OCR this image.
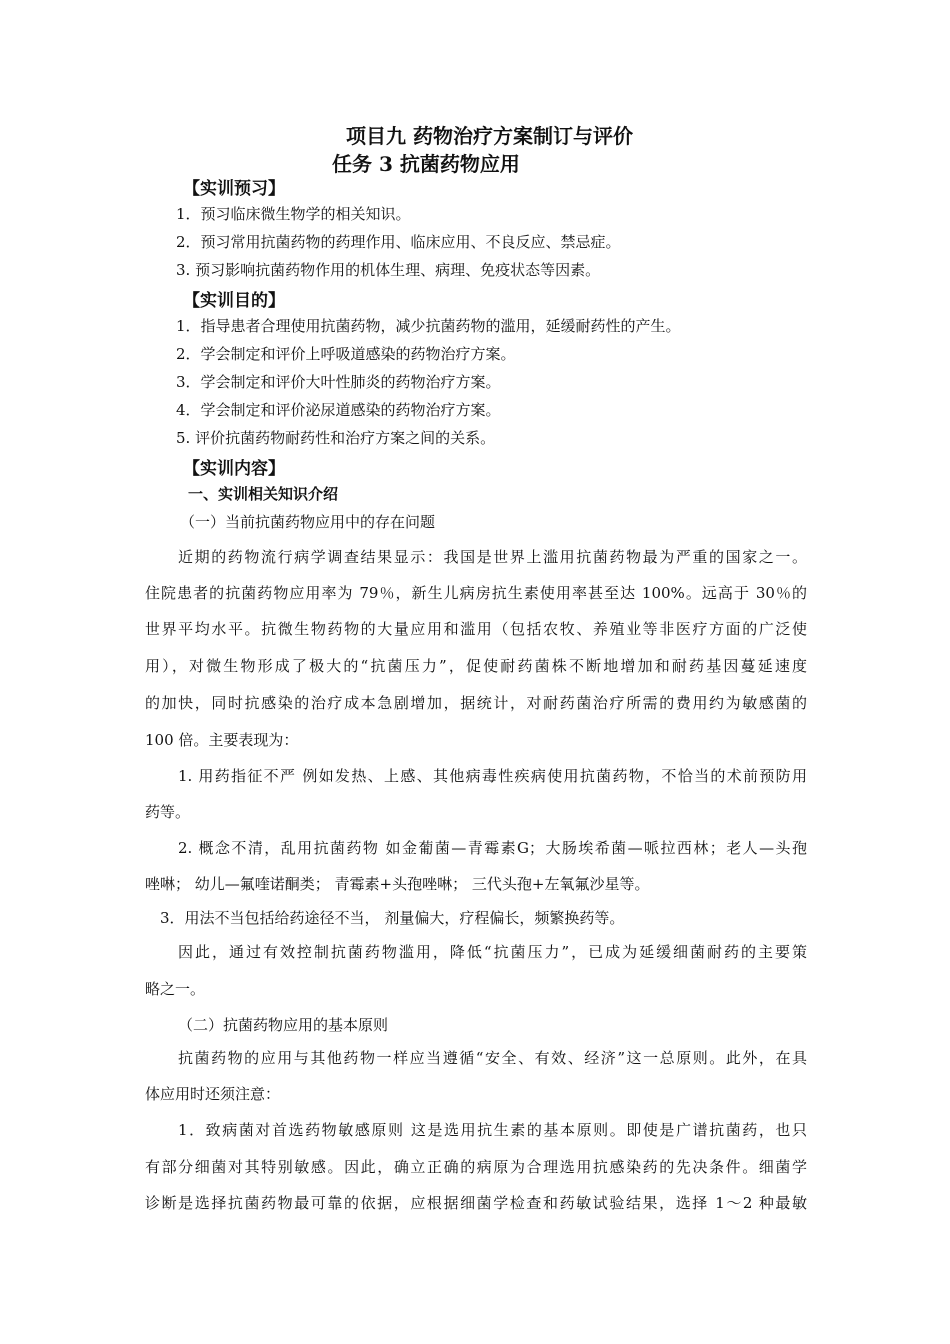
项目九 药物治疗方案制订与评价
任务 3 抗菌药物应用
【实训预习】
1．预习临床微生物学的相关知识。
2．预习常用抗菌药物的药理作用、临床应用、不良反应、禁忌症。
3. 预习影响抗菌药物作用的机体生理、病理、免疫状态等因素。
【实训目的】
1．指导患者合理使用抗菌药物，减少抗菌药物的滥用，延缓耐药性的产生。
2．学会制定和评价上呼吸道感染的药物治疗方案。
3．学会制定和评价大叶性肺炎的药物治疗方案。
4．学会制定和评价泌尿道感染的药物治疗方案。
5. 评价抗菌药物耐药性和治疗方案之间的关系。
【实训内容】
一、实训相关知识介绍
（一）当前抗菌药物应用中的存在问题
近期的药物流行病学调查结果显示：我国是世界上滥用抗菌药物最为严重的国家之一。
住院患者的抗菌药物应用率为 79％，新生儿病房抗生素使用率甚至达 100%。远高于 30％的
世界平均水平。抗微生物药物的大量应用和滥用（包括农牧、养殖业等非医疗方面的广泛使
用），对微生物形成了极大的“抗菌压力”，促使耐药菌株不断地增加和耐药基因蔓延速度
的加快，同时抗感染的治疗成本急剧增加，据统计，对耐药菌治疗所需的费用约为敏感菌的
100 倍。主要表现为：
1. 用药指征不严 例如发热、上感、其他病毒性疾病使用抗菌药物，不恰当的术前预防用
药等。
2. 概念不清，乱用抗菌药物 如金葡菌—青霉素G；大肠埃希菌—哌拉西林；老人—头孢
唑啉； 幼儿—氟喹诺酮类； 青霉素+头孢唑啉； 三代头孢+左氧氟沙星等。
3．用法不当包括给药途径不当， 剂量偏大，疗程偏长，频繁换药等。
因此，通过有效控制抗菌药物滥用，降低“抗菌压力”，已成为延缓细菌耐药的主要策
略之一。
（二）抗菌药物应用的基本原则
抗菌药物的应用与其他药物一样应当遵循“安全、有效、经济”这一总原则。此外，在具
体应用时还须注意：
1．致病菌对首选药物敏感原则 这是选用抗生素的基本原则。即使是广谱抗菌药，也只
有部分细菌对其特别敏感。因此，确立正确的病原为合理选用抗感染药的先决条件。细菌学
诊断是选择抗菌药物最可靠的依据，应根据细菌学检查和药敏试验结果，选择 1～2 种最敏
